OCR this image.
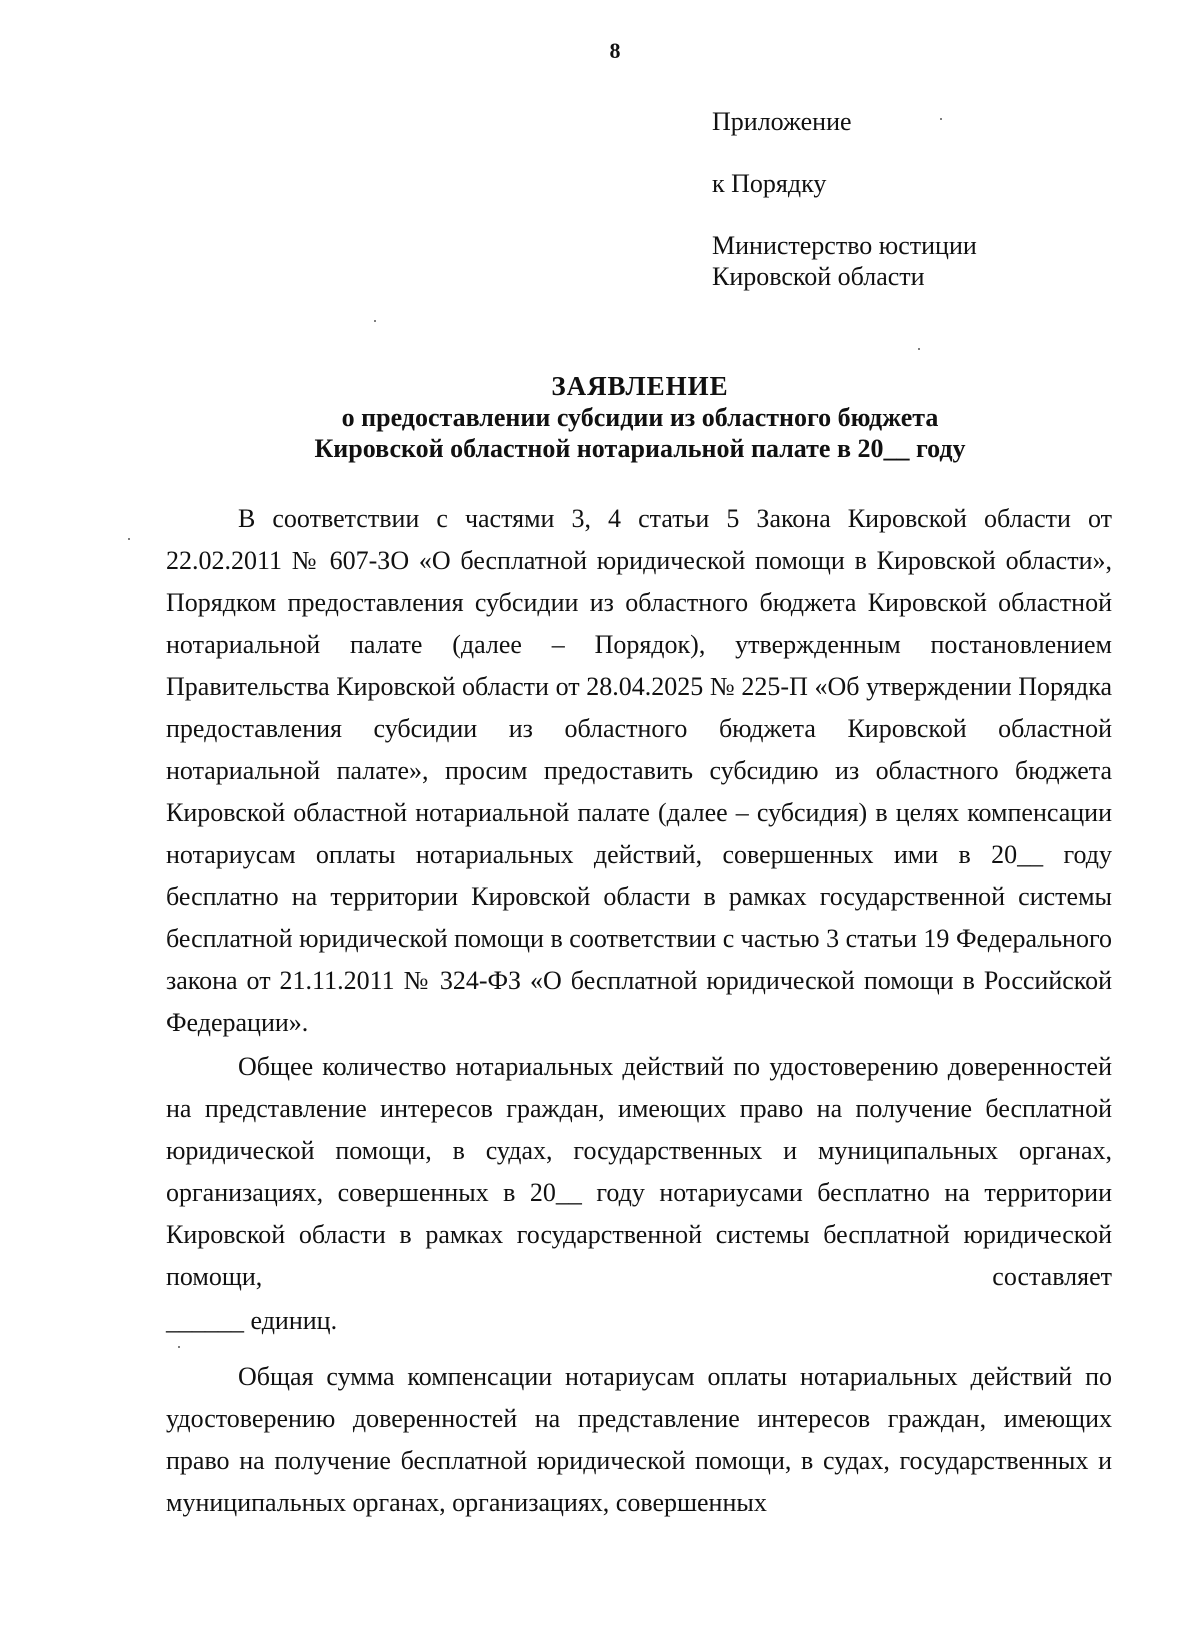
8
Приложение
к Порядку
Министерство юстиции
Кировской области
ЗАЯВЛЕНИЕ
о предоставлении субсидии из областного бюджета
Кировской областной нотариальной палате в 20__ году

В соответствии с частями 3, 4 статьи 5 Закона Кировской области от 22.02.2011 № 607-ЗО «О бесплатной юридической помощи в Кировской области», Порядком предоставления субсидии из областного бюджета Кировской областной нотариальной палате (далее – Порядок), утвержденным постановлением Правительства Кировской области от 28.04.2025 № 225-П «Об утверждении Порядка предоставления субсидии из областного бюджета Кировской областной нотариальной палате», просим предоставить субсидию из областного бюджета Кировской областной нотариальной палате (далее – субсидия) в целях компенсации нотариусам оплаты нотариальных действий, совершенных ими в 20__ году бесплатно на территории Кировской области в рамках государственной системы бесплатной юридической помощи в соответствии с частью 3 статьи 19 Федерального закона от 21.11.2011 № 324-ФЗ «О бесплатной юридической помощи в Российской Федерации».

Общее количество нотариальных действий по удостоверению доверенностей на представление интересов граждан, имеющих право на получение бесплатной юридической помощи, в судах, государственных и муниципальных органах, организациях, совершенных в 20__ году нотариусами бесплатно на территории Кировской области в рамках государственной системы бесплатной юридической помощи, составляет

______ единиц.

Общая сумма компенсации нотариусам оплаты нотариальных действий по удостоверению доверенностей на представление интересов граждан, имеющих право на получение бесплатной юридической помощи, в судах, государственных и муниципальных органах, организациях, совершенных
